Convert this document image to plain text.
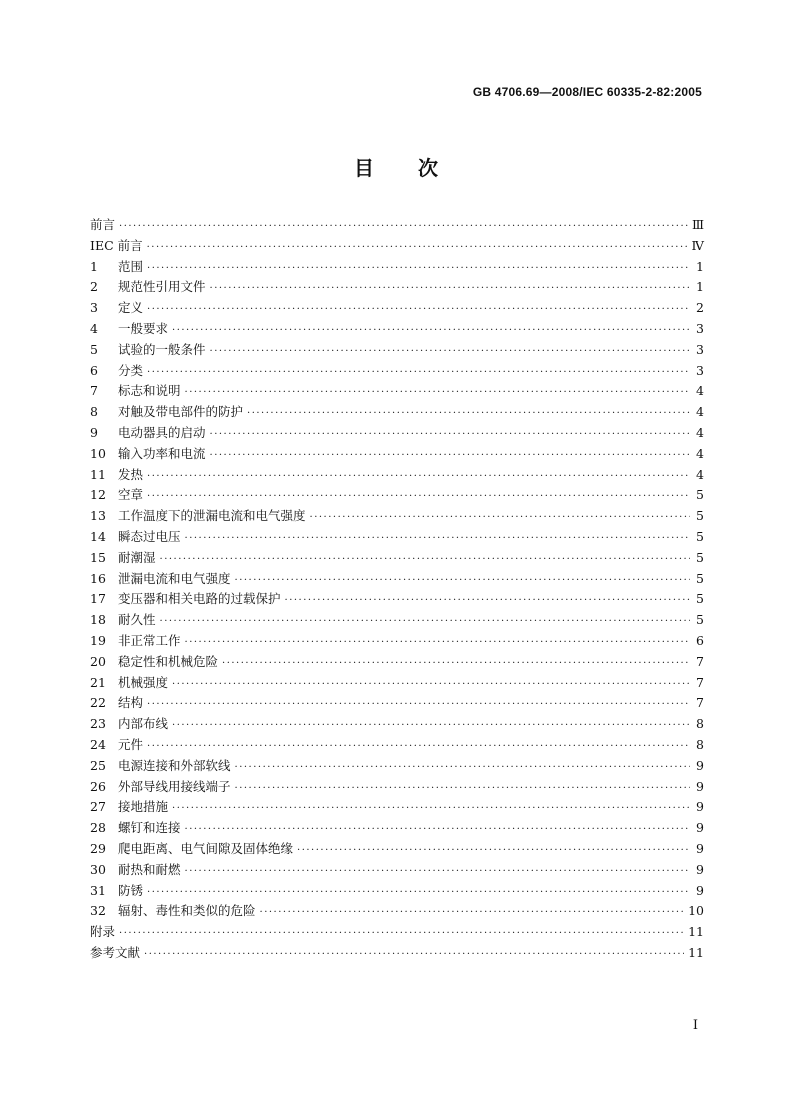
GB 4706.69—2008/IEC 60335-2-82:2005
目 次
前言 ·····	Ⅲ
IEC 前言 ·····	Ⅳ
1	范围 ·····	1
2	规范性引用文件 ·····	1
3	定义 ·····	2
4	一般要求 ·····	3
5	试验的一般条件 ·····	3
6	分类 ·····	3
7	标志和说明 ·····	4
8	对触及带电部件的防护 ·····	4
9	电动器具的启动 ·····	4
10 输入功率和电流 ·····	4
11 发热 ·····	4
12 空章 ·····	5
13 工作温度下的泄漏电流和电气强度 ·····	5
14 瞬态过电压 ·····	5
15 耐潮湿 ·····	5
16 泄漏电流和电气强度 ·····	5
17 变压器和相关电路的过载保护 ·····	5
18 耐久性 ·····	5
19 非正常工作 ·····	6
20 稳定性和机械危险 ·····	7
21 机械强度 ·····	7
22 结构 ·····	7
23 内部布线 ·····	8
24 元件 ·····	8
25 电源连接和外部软线 ·····	9
26 外部导线用接线端子 ·····	9
27 接地措施 ·····	9
28 螺钉和连接 ·····	9
29 爬电距离、电气间隙及固体绝缘 ·····	9
30 耐热和耐燃 ·····	9
31 防锈 ·····	9
32 辐射、毒性和类似的危险 ·····	10
附录 ·····	11
参考文献 ·····	11
I
